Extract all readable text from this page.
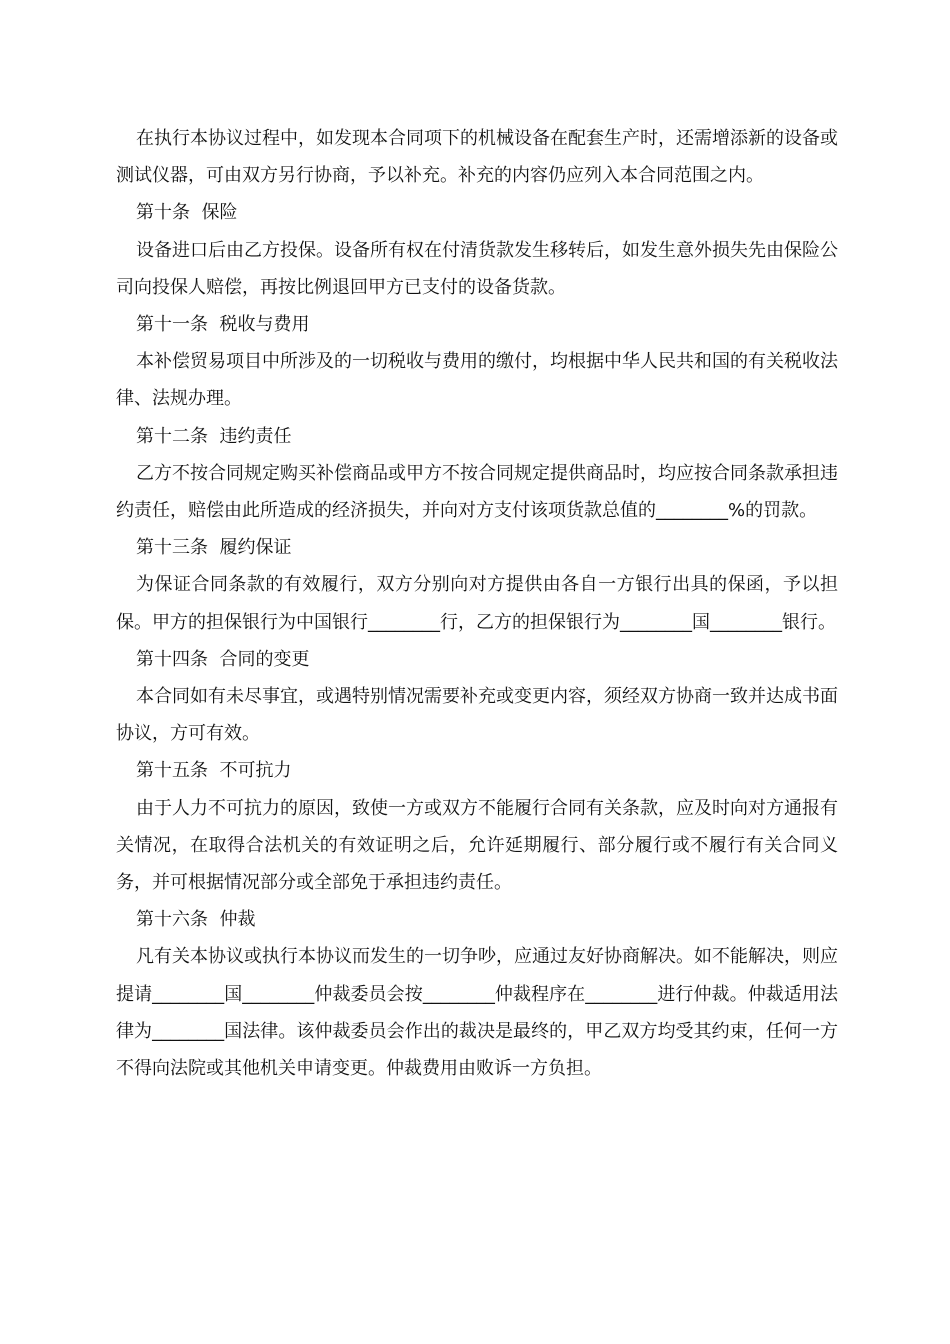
在执行本协议过程中，如发现本合同项下的机械设备在配套生产时，还需增添新的设备或测试仪器，可由双方另行协商，予以补充。补充的内容仍应列入本合同范围之内。

第十条  保险

设备进口后由乙方投保。设备所有权在付清货款发生移转后，如发生意外损失先由保险公司向投保人赔偿，再按比例退回甲方已支付的设备货款。

第十一条  税收与费用

本补偿贸易项目中所涉及的一切税收与费用的缴付，均根据中华人民共和国的有关税收法律、法规办理。

第十二条  违约责任

乙方不按合同规定购买补偿商品或甲方不按合同规定提供商品时，均应按合同条款承担违约责任，赔偿由此所造成的经济损失，并向对方支付该项货款总值的________%的罚款。

第十三条  履约保证

为保证合同条款的有效履行，双方分别向对方提供由各自一方银行出具的保函，予以担保。甲方的担保银行为中国银行________行，乙方的担保银行为________国________银行。

第十四条  合同的变更

本合同如有未尽事宜，或遇特别情况需要补充或变更内容，须经双方协商一致并达成书面协议，方可有效。

第十五条  不可抗力

由于人力不可抗力的原因，致使一方或双方不能履行合同有关条款，应及时向对方通报有关情况，在取得合法机关的有效证明之后，允许延期履行、部分履行或不履行有关合同义务，并可根据情况部分或全部免于承担违约责任。

第十六条  仲裁

凡有关本协议或执行本协议而发生的一切争吵，应通过友好协商解决。如不能解决，则应提请________国________仲裁委员会按________仲裁程序在________进行仲裁。仲裁适用法律为________国法律。该仲裁委员会作出的裁决是最终的，甲乙双方均受其约束，任何一方不得向法院或其他机关申请变更。仲裁费用由败诉一方负担。
